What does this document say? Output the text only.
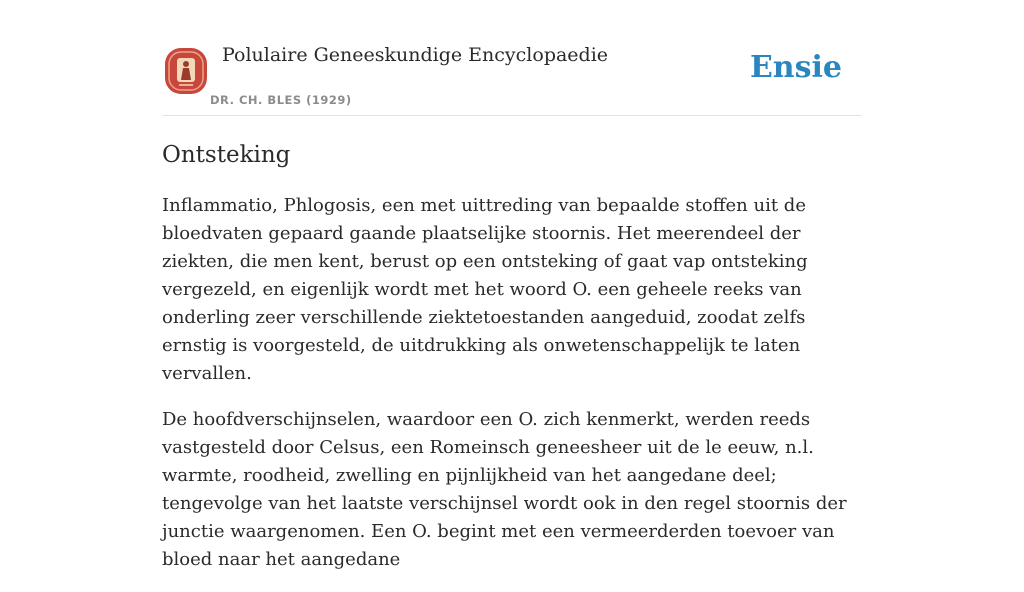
Polulaire Geneeskundige Encyclopaedie
DR. CH. BLES (1929)
Ensie
Ontsteking

Inflammatio, Phlogosis, een met uittreding van bepaalde stoffen uit de bloedvaten gepaard gaande plaatselijke stoornis. Het meerendeel der ziekten, die men kent, berust op een ontsteking of gaat vap ontsteking vergezeld, en eigenlijk wordt met het woord O. een geheele reeks van onderling zeer verschillende ziektetoestanden aangeduid, zoodat zelfs ernstig is voorgesteld, de uitdrukking als onwetenschappelijk te laten vervallen.

De hoofdverschijnselen, waardoor een O. zich kenmerkt, werden reeds vastgesteld door Celsus, een Romeinsch geneesheer uit de le eeuw, n.l. warmte, roodheid, zwelling en pijnlijkheid van het aangedane deel; tengevolge van het laatste verschijnsel wordt ook in den regel stoornis der junctie waargenomen. Een O. begint met een vermeerderden toevoer van bloed naar het aangedane
